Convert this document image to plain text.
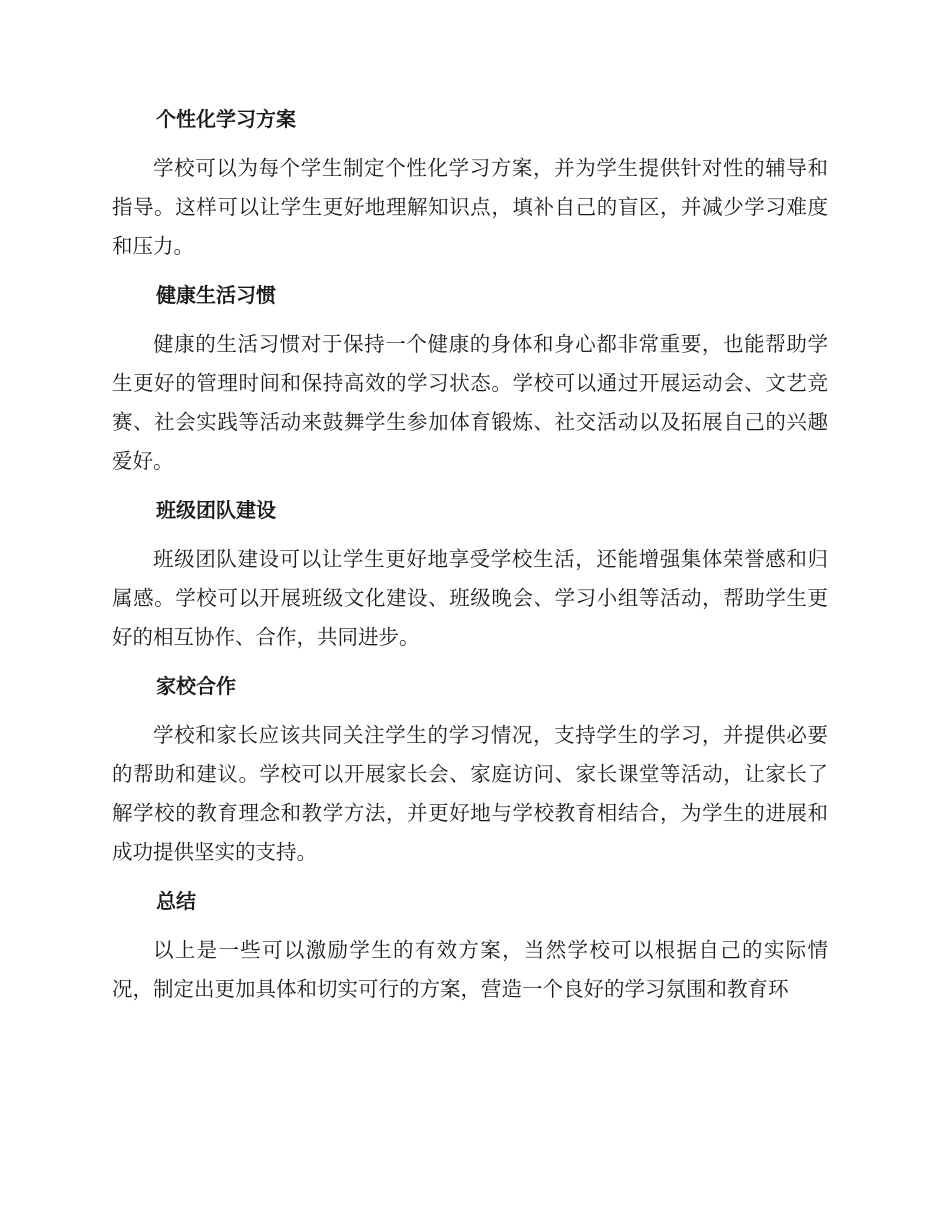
个性化学习方案

学校可以为每个学生制定个性化学习方案，并为学生提供针对性的辅导和指导。这样可以让学生更好地理解知识点，填补自己的盲区，并减少学习难度和压力。

健康生活习惯

健康的生活习惯对于保持一个健康的身体和身心都非常重要，也能帮助学生更好的管理时间和保持高效的学习状态。学校可以通过开展运动会、文艺竞赛、社会实践等活动来鼓舞学生参加体育锻炼、社交活动以及拓展自己的兴趣爱好。

班级团队建设

班级团队建设可以让学生更好地享受学校生活，还能增强集体荣誉感和归属感。学校可以开展班级文化建设、班级晚会、学习小组等活动，帮助学生更好的相互协作、合作，共同进步。

家校合作

学校和家长应该共同关注学生的学习情况，支持学生的学习，并提供必要的帮助和建议。学校可以开展家长会、家庭访问、家长课堂等活动，让家长了解学校的教育理念和教学方法，并更好地与学校教育相结合，为学生的进展和成功提供坚实的支持。

总结

以上是一些可以激励学生的有效方案，当然学校可以根据自己的实际情况，制定出更加具体和切实可行的方案，营造一个良好的学习氛围和教育环
